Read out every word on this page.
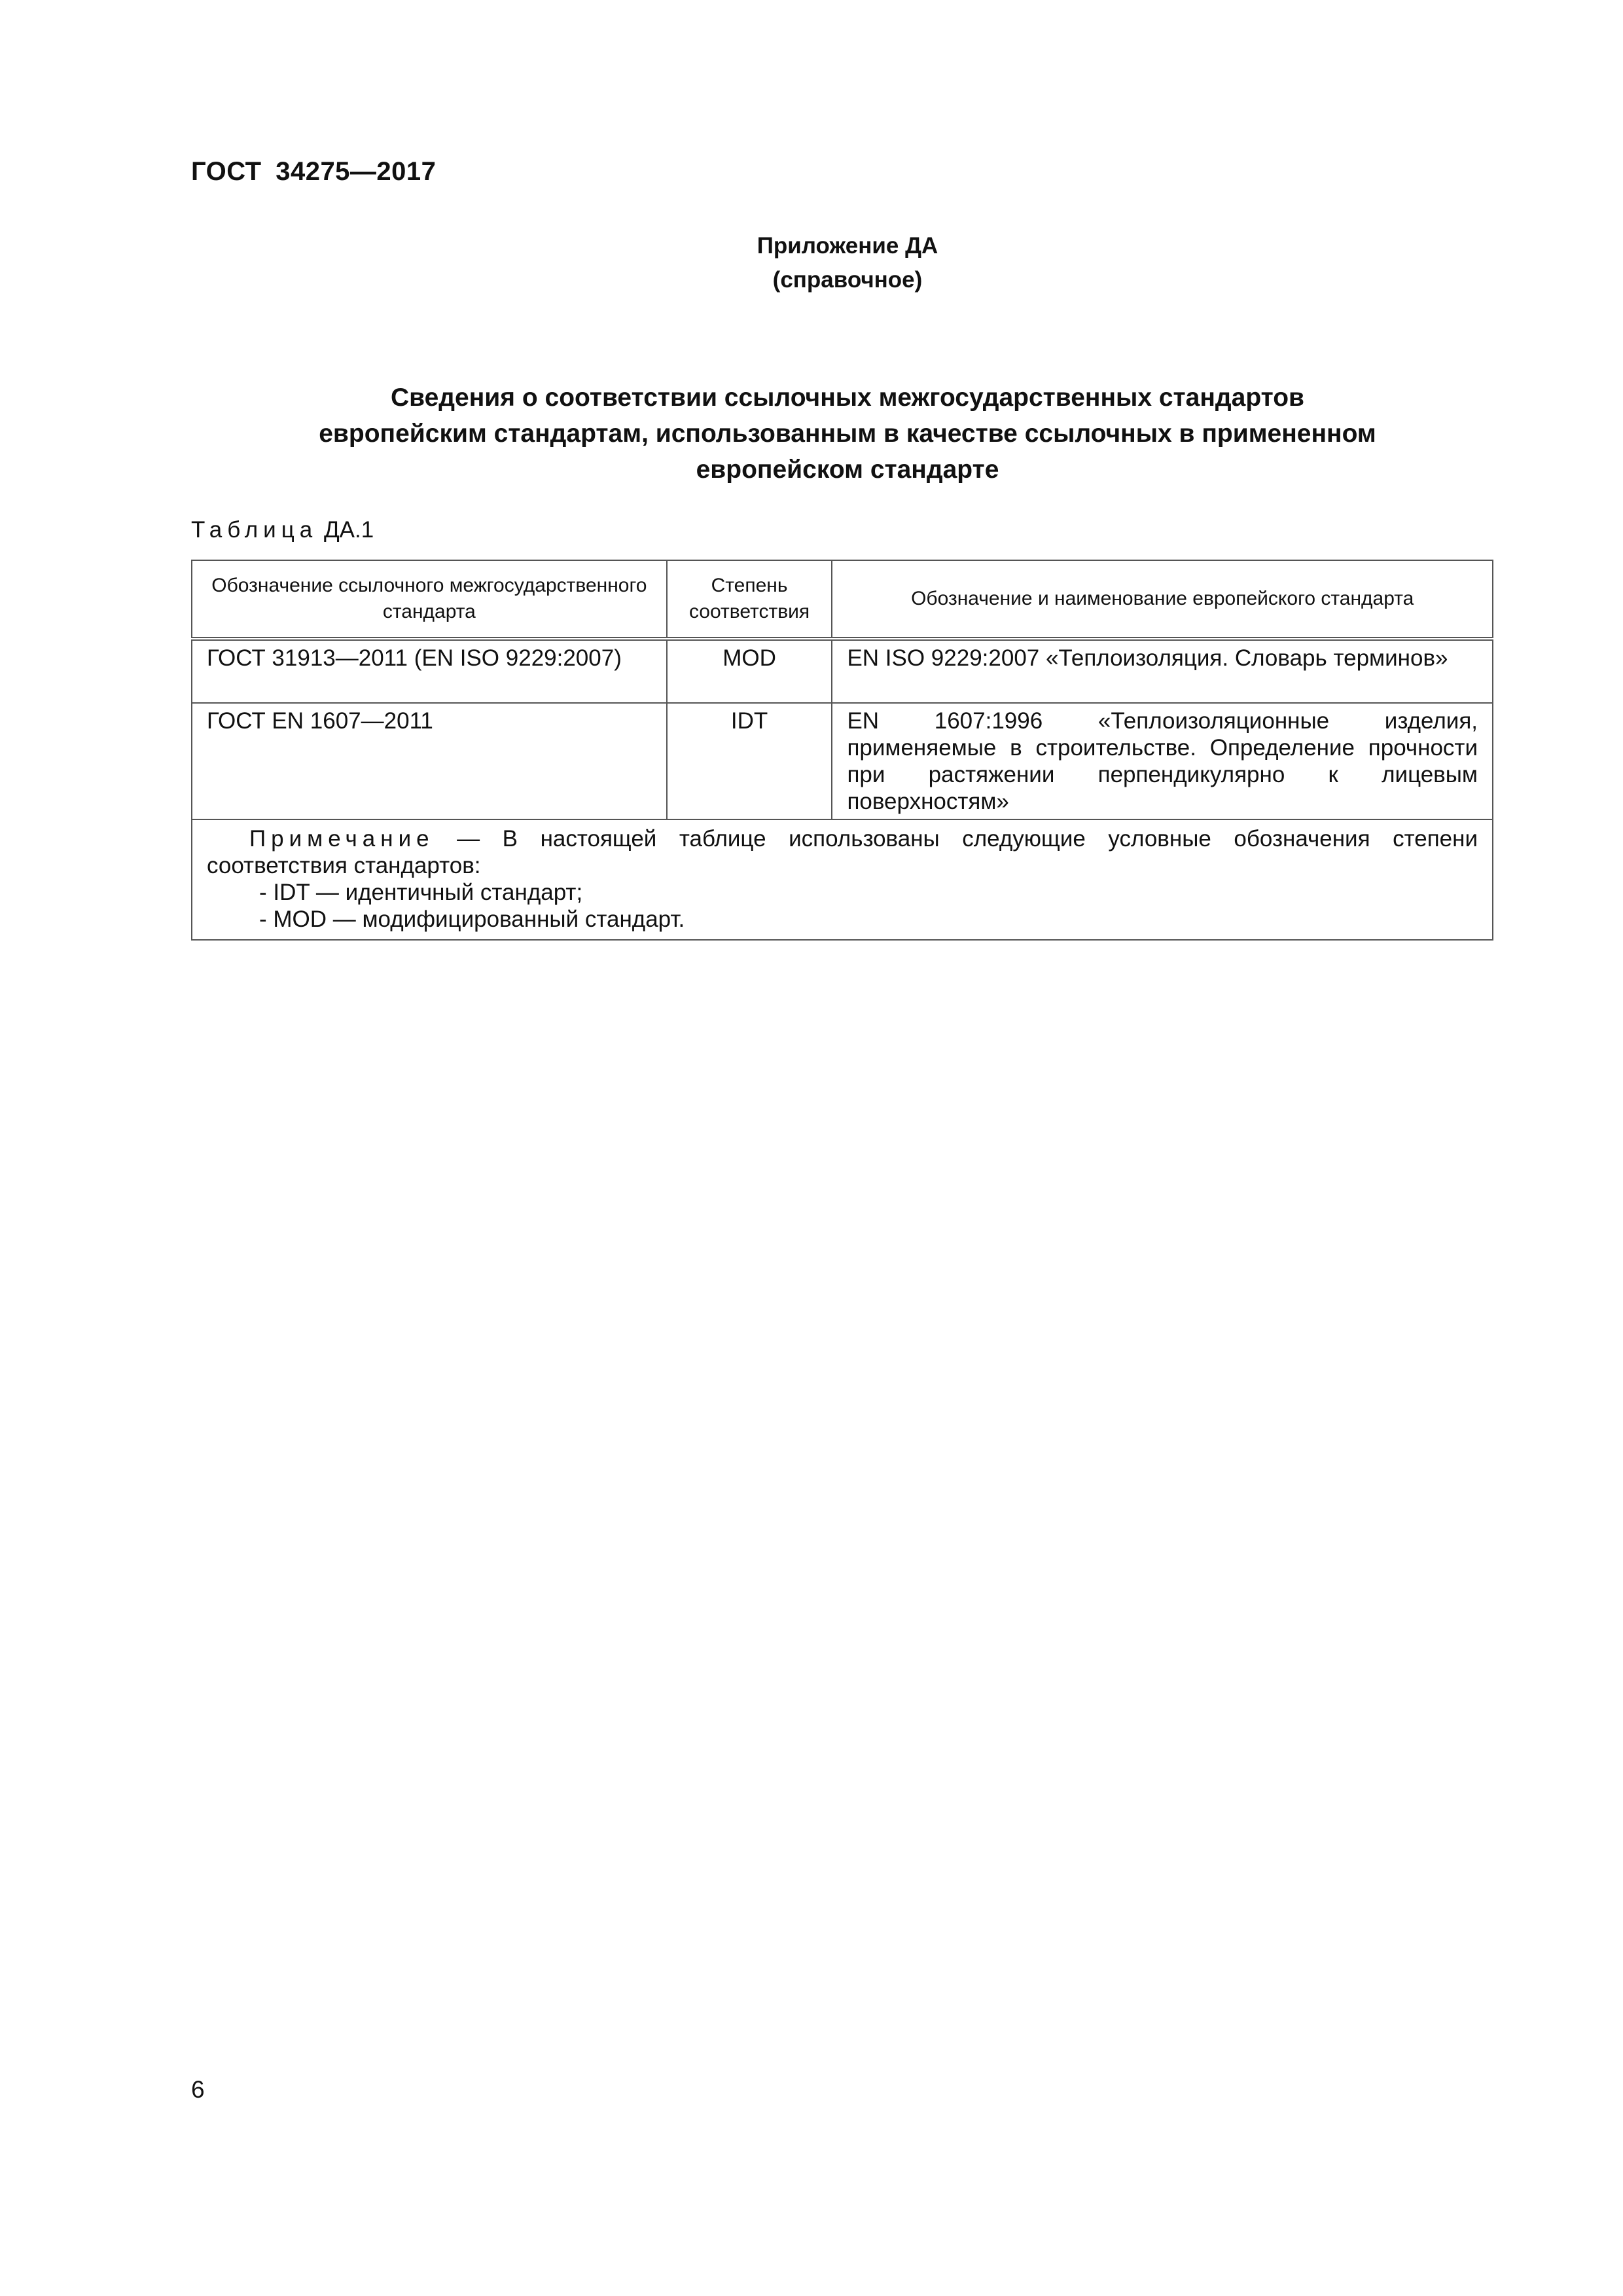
ГОСТ 34275—2017
Приложение ДА
(справочное)
Сведения о соответствии ссылочных межгосударственных стандартов
европейским стандартам, использованным в качестве ссылочных в примененном
европейском стандарте
Таблица ДА.1
Обозначение ссылочного межгосударственного стандарта	Степень соответствия	Обозначение и наименование европейского стандарта
ГОСТ 31913—2011 (EN ISO 9229:2007)	MOD	EN ISO 9229:2007 «Теплоизоляция. Словарь терминов»
ГОСТ EN 1607—2011	IDT	EN 1607:1996 «Теплоизоляционные изделия, применяемые в строительстве. Определение прочности при растяжении перпендикулярно к лицевым поверхностям»

Примечание — В настоящей таблице использованы следующие условные обозначения степени соответствия стандартов:
- IDT — идентичный стандарт;
- MOD — модифицированный стандарт.		
6
